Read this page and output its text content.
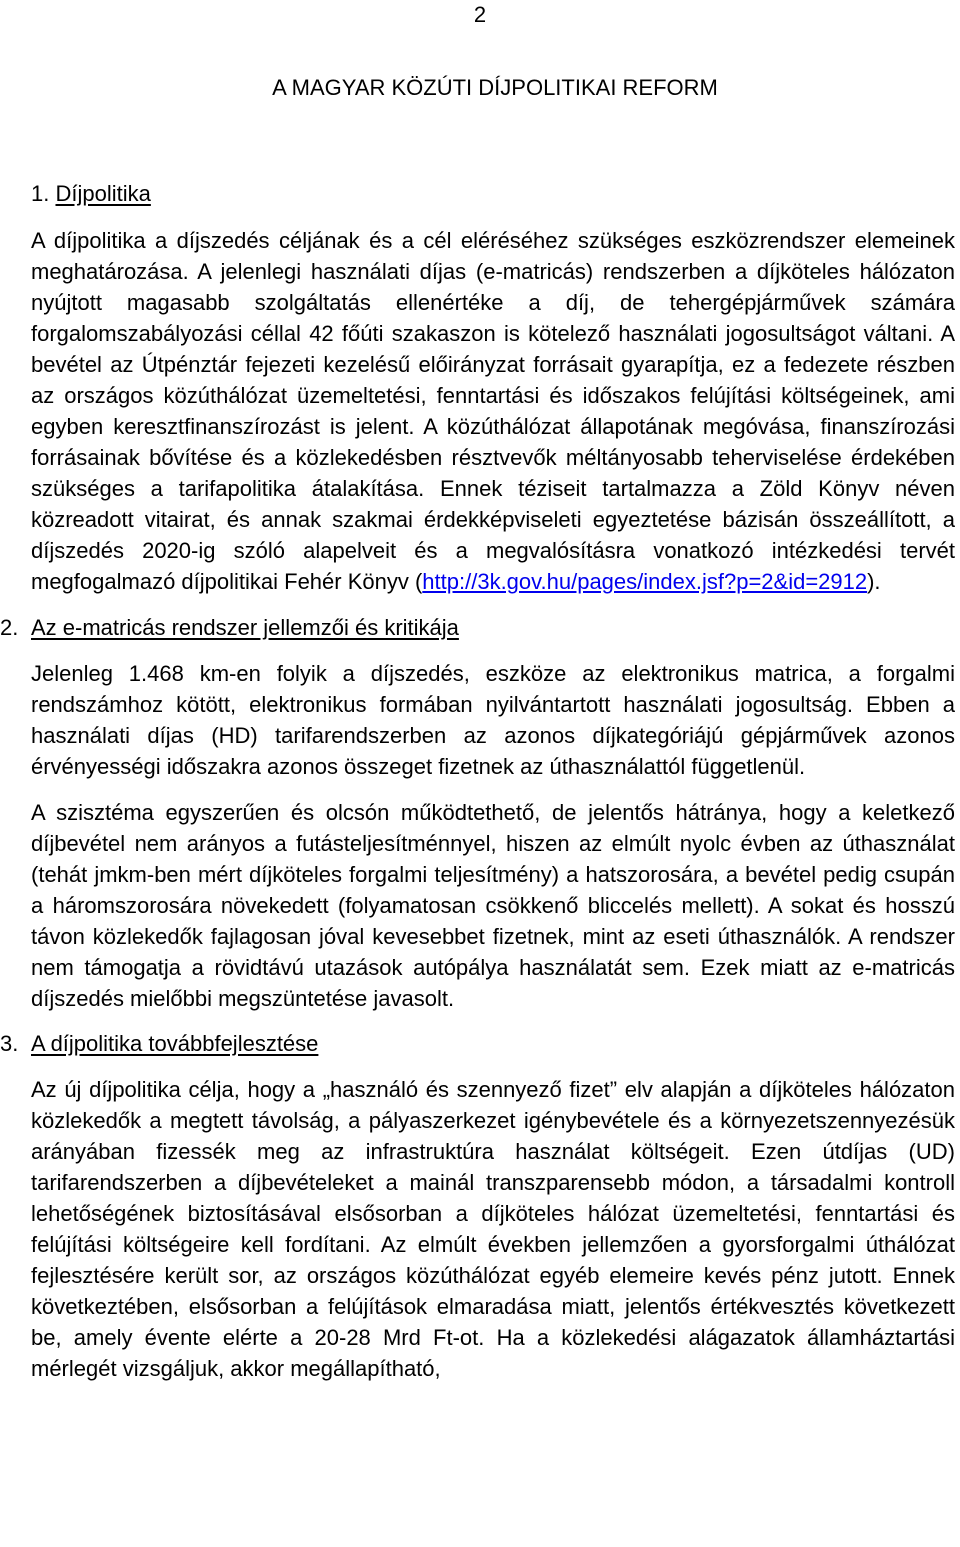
2
A MAGYAR KÖZÚTI DÍJPOLITIKAI REFORM
1. Díjpolitika

A díjpolitika a díjszedés céljának és a cél eléréséhez szükséges eszközrendszer elemeinek meghatározása. A jelenlegi használati díjas (e-matricás) rendszerben a díjköteles hálózaton nyújtott magasabb szolgáltatás ellenértéke a díj, de tehergépjárművek számára forgalomszabályozási céllal 42 főúti szakaszon is kötelező használati jogosultságot váltani. A bevétel az Útpénztár fejezeti kezelésű előirányzat forrásait gyarapítja, ez a fedezete részben az országos közúthálózat üzemeltetési, fenntartási és időszakos felújítási költségeinek, ami egyben keresztfinanszírozást is jelent. A közúthálózat állapotának megóvása, finanszírozási forrásainak bővítése és a közlekedésben résztvevők méltányosabb teherviselése érdekében szükséges a tarifapolitika átalakítása. Ennek téziseit tartalmazza a Zöld Könyv néven közreadott vitairat, és annak szakmai érdekképviseleti egyeztetése bázisán összeállított, a díjszedés 2020-ig szóló alapelveit és a megvalósításra vonatkozó intézkedési tervét megfogalmazó díjpolitikai Fehér Könyv (http://3k.gov.hu/pages/index.jsf?p=2&id=2912).

2. Az e-matricás rendszer jellemzői és kritikája

Jelenleg 1.468 km-en folyik a díjszedés, eszköze az elektronikus matrica, a forgalmi rendszámhoz kötött, elektronikus formában nyilvántartott használati jogosultság. Ebben a használati díjas (HD) tarifarendszerben az azonos díjkategóriájú gépjárművek azonos érvényességi időszakra azonos összeget fizetnek az úthasználattól függetlenül.

A szisztéma egyszerűen és olcsón működtethető, de jelentős hátránya, hogy a keletkező díjbevétel nem arányos a futásteljesítménnyel, hiszen az elmúlt nyolc évben az úthasználat (tehát jmkm-ben mért díjköteles forgalmi teljesítmény) a hatszorosára, a bevétel pedig csupán a háromszorosára növekedett (folyamatosan csökkenő bliccelés mellett). A sokat és hosszú távon közlekedők fajlagosan jóval kevesebbet fizetnek, mint az eseti úthasználók. A rendszer nem támogatja a rövidtávú utazások autópálya használatát sem. Ezek miatt az e-matricás díjszedés mielőbbi megszüntetése javasolt.

3. A díjpolitika továbbfejlesztése

Az új díjpolitika célja, hogy a „használó és szennyező fizet” elv alapján a díjköteles hálózaton közlekedők a megtett távolság, a pályaszerkezet igénybevétele és a környezetszennyezésük arányában fizessék meg az infrastruktúra használat költségeit. Ezen útdíjas (UD) tarifarendszerben a díjbevételeket a mainál transzparensebb módon, a társadalmi kontroll lehetőségének biztosításával elsősorban a díjköteles hálózat üzemeltetési, fenntartási és felújítási költségeire kell fordítani. Az elmúlt években jellemzően a gyorsforgalmi úthálózat fejlesztésére került sor, az országos közúthálózat egyéb elemeire kevés pénz jutott. Ennek következtében, elsősorban a felújítások elmaradása miatt, jelentős értékvesztés következett be, amely évente elérte a 20-28 Mrd Ft-ot. Ha a közlekedési alágazatok államháztartási mérlegét vizsgáljuk, akkor megállapítható,
